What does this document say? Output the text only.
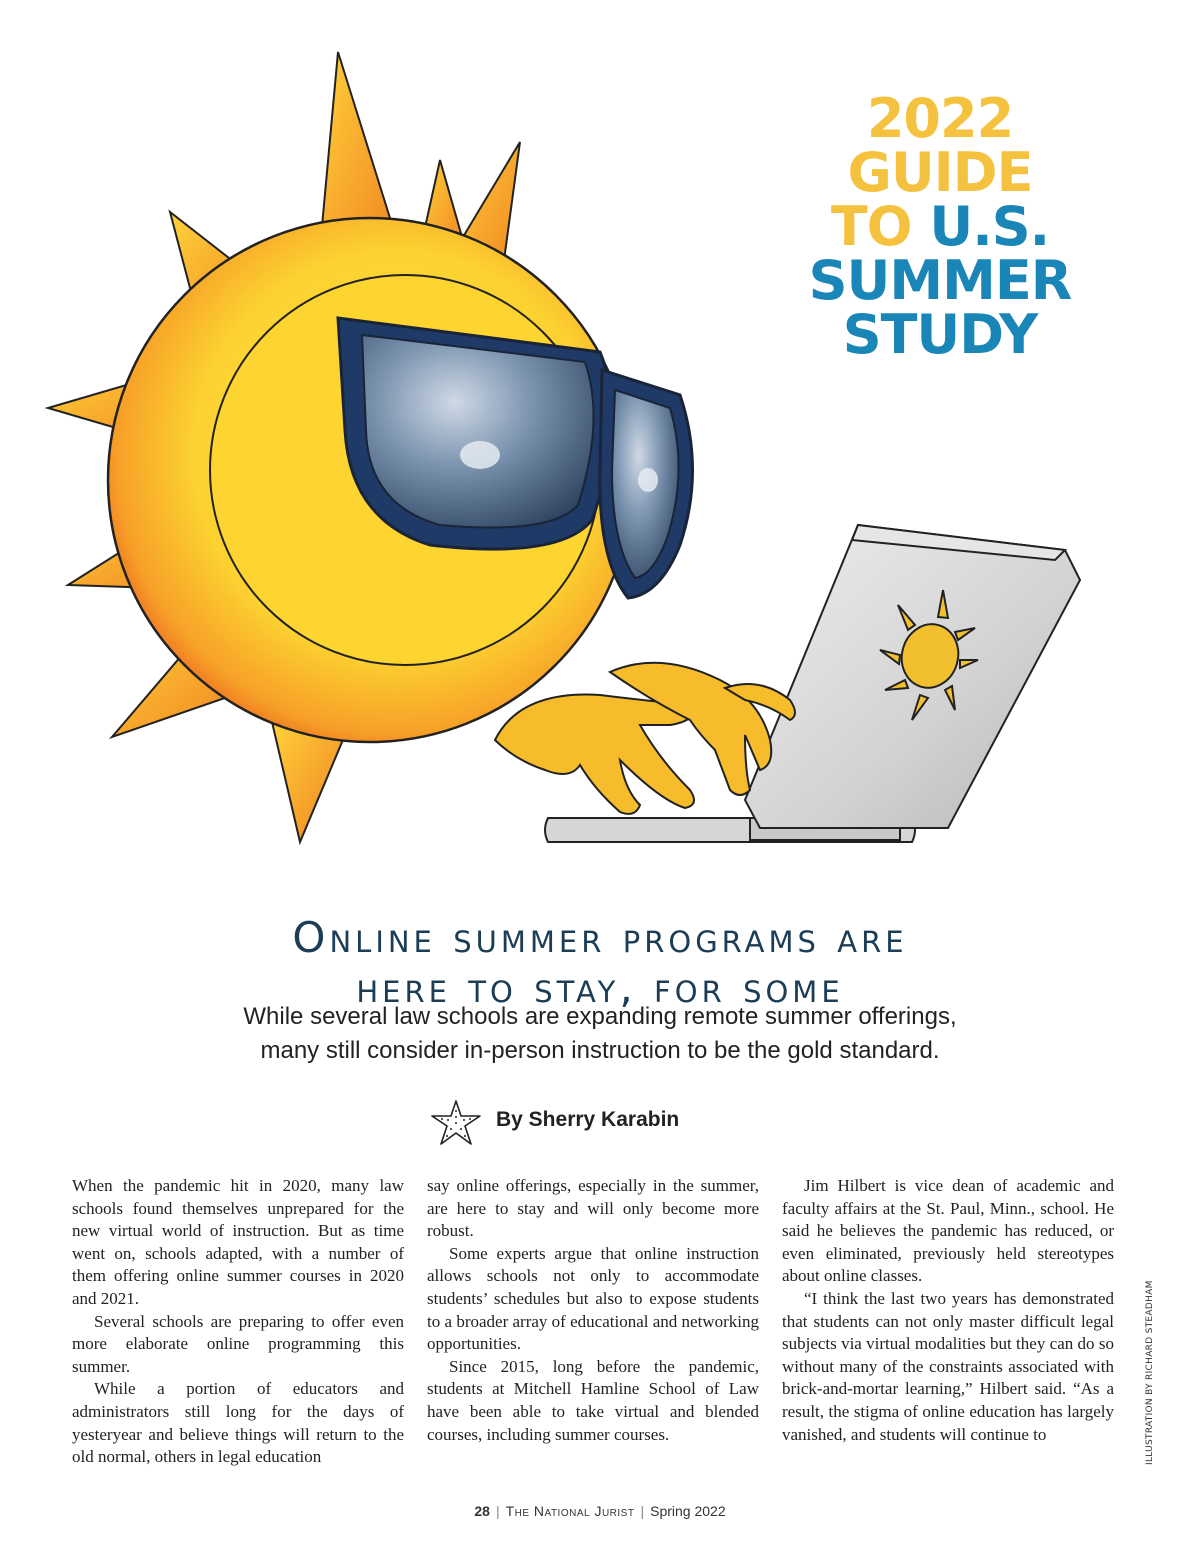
2022
GUIDE
TO U.S.
SUMMER
STUDY
Online summer programs are
here to stay, for some
While several law schools are expanding remote summer offerings,
many still consider in-person instruction to be the gold standard.
By Sherry Karabin

When the pandemic hit in 2020, many law schools found themselves unprepared for the new virtual world of instruction. But as time went on, schools adapted, with a number of them offering online summer courses in 2020 and 2021.

Several schools are preparing to offer even more elaborate online programming this summer.

While a portion of educators and administrators still long for the days of yesteryear and believe things will return to the old normal, others in legal education

say online offerings, especially in the summer, are here to stay and will only become more robust.

Some experts argue that online instruction allows schools not only to accommodate students’ schedules but also to expose students to a broader array of educational and networking opportunities.

Since 2015, long before the pandemic, students at Mitchell Hamline School of Law have been able to take virtual and blended courses, including summer courses.

Jim Hilbert is vice dean of academic and faculty affairs at the St. Paul, Minn., school. He said he believes the pandemic has reduced, or even eliminated, previously held stereotypes about online classes.

“I think the last two years has demonstrated that students can not only master difficult legal subjects via virtual modalities but they can do so without many of the constraints associated with brick-and-mortar learning,” Hilbert said. “As a result, the stigma of online education has largely vanished, and students will continue to	ILLUSTRATION BY RICHARD STEADHAM
28 | The National Jurist | Spring 2022
